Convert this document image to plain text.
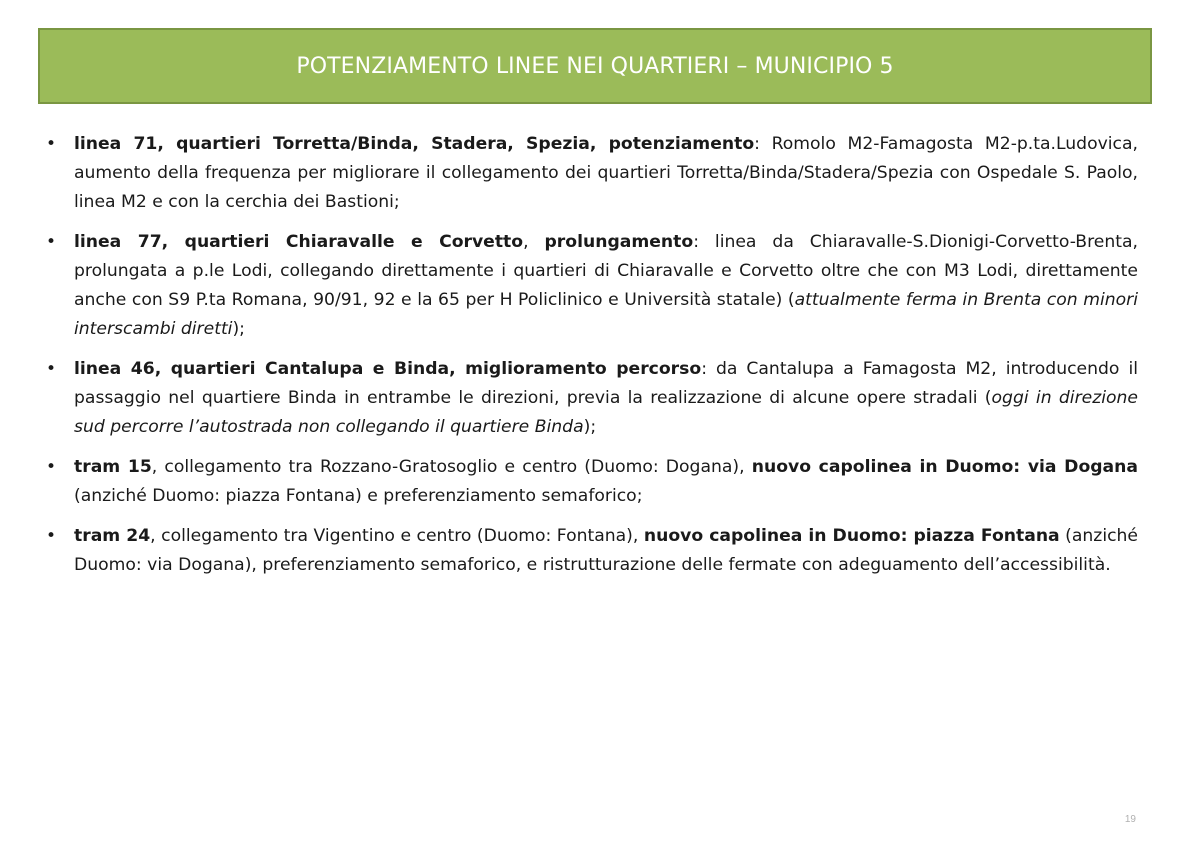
POTENZIAMENTO LINEE NEI QUARTIERI – MUNICIPIO 5
• linea 71, quartieri Torretta/Binda, Stadera, Spezia, potenziamento: Romolo M2-Famagosta M2-p.ta.Ludovica, aumento della frequenza per migliorare il collegamento dei quartieri Torretta/Binda/Stadera/Spezia con Ospedale S. Paolo, linea M2 e con la cerchia dei Bastioni;
• linea 77, quartieri Chiaravalle e Corvetto, prolungamento: linea da Chiaravalle-S.Dionigi-Corvetto-Brenta, prolungata a p.le Lodi, collegando direttamente i quartieri di Chiaravalle e Corvetto oltre che con M3 Lodi, direttamente anche con S9 P.ta Romana, 90/91, 92 e la 65 per H Policlinico e Università statale) (attualmente ferma in Brenta con minori interscambi diretti);
• linea 46, quartieri Cantalupa e Binda, miglioramento percorso: da Cantalupa a Famagosta M2, introducendo il passaggio nel quartiere Binda in entrambe le direzioni, previa la realizzazione di alcune opere stradali (oggi in direzione sud percorre l’autostrada non collegando il quartiere Binda);
• tram 15, collegamento tra Rozzano-Gratosoglio e centro (Duomo: Dogana), nuovo capolinea in Duomo: via Dogana (anziché Duomo: piazza Fontana) e preferenziamento semaforico;
• tram 24, collegamento tra Vigentino e centro (Duomo: Fontana), nuovo capolinea in Duomo: piazza Fontana (anziché Duomo: via Dogana), preferenziamento semaforico, e ristrutturazione delle fermate con adeguamento dell’accessibilità.
19
